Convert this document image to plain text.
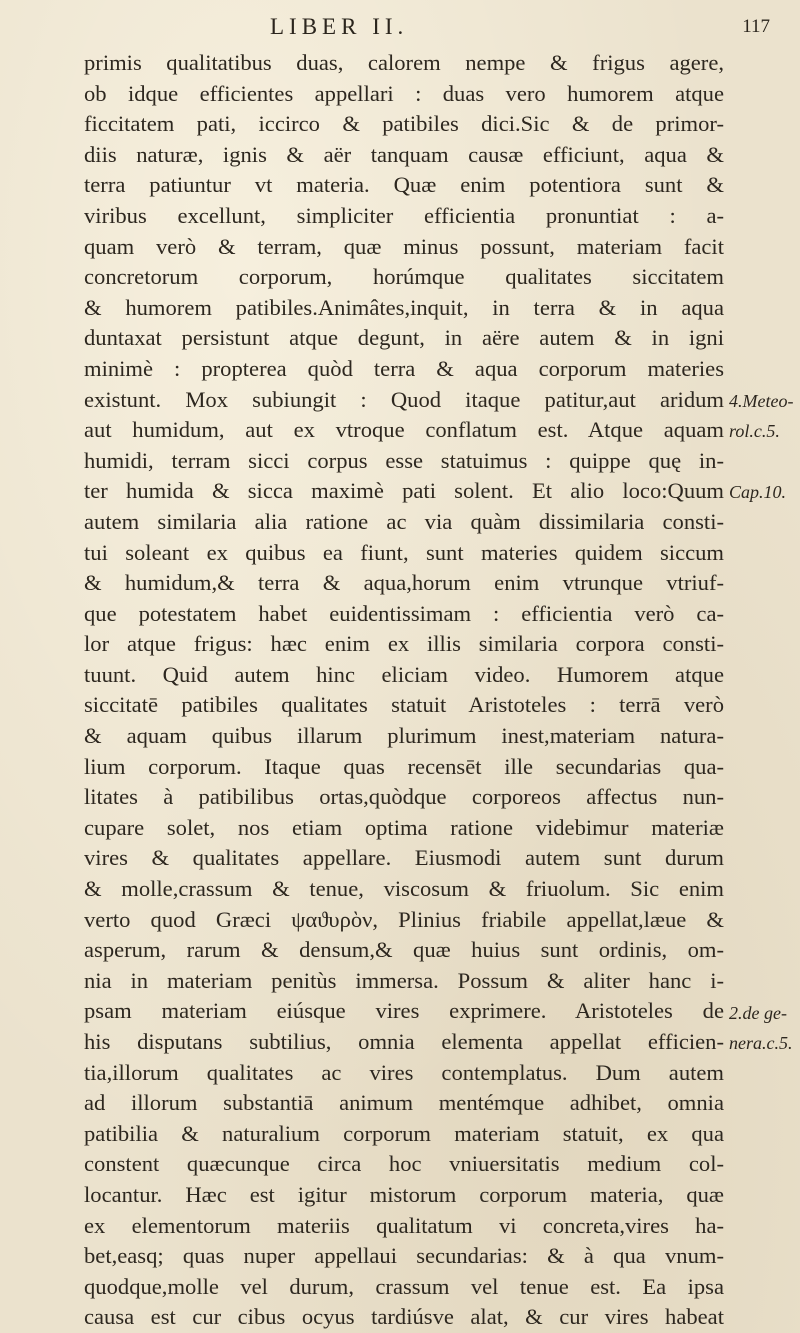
LIBER II.	117
primis qualitatibus duas, calorem nempe & frigus agere,
ob idque efficientes appellari : duas vero humorem atque
ficcitatem pati, iccirco & patibiles dici.Sic & de primor-
diis naturæ, ignis & aër tanquam causæ efficiunt, aqua &
terra patiuntur vt materia. Quæ enim potentiora sunt &
viribus excellunt, simpliciter efficientia pronuntiat : a-
quam verò & terram, quæ minus possunt, materiam facit
concretorum corporum, horúmque qualitates siccitatem
& humorem patibiles.Animâtes,inquit, in terra & in aqua
duntaxat persistunt atque degunt, in aëre autem & in igni
minimè : propterea quòd terra & aqua corporum materies
existunt. Mox subiungit : Quod itaque patitur,aut aridum
aut humidum, aut ex vtroque conflatum est. Atque aquam
humidi, terram sicci corpus esse statuimus : quippe quę in-
ter humida & sicca maximè pati solent. Et alio loco:Quum
autem similaria alia ratione ac via quàm dissimilaria consti-
tui soleant ex quibus ea fiunt, sunt materies quidem siccum
& humidum,& terra & aqua,horum enim vtrunque vtriuf-
que potestatem habet euidentissimam : efficientia verò ca-
lor atque frigus: hæc enim ex illis similaria corpora consti-
tuunt. Quid autem hinc eliciam video. Humorem atque
siccitatē patibiles qualitates statuit Aristoteles : terrā verò
& aquam quibus illarum plurimum inest,materiam natura-
lium corporum. Itaque quas recensēt ille secundarias qua-
litates à patibilibus ortas,quòdque corporeos affectus nun-
cupare solet, nos etiam optima ratione videbimur materiæ
vires & qualitates appellare. Eiusmodi autem sunt durum
& molle,crassum & tenue, viscosum & friuolum. Sic enim
verto quod Græci ψαϑυρὸν, Plinius friabile appellat,læue &
asperum, rarum & densum,& quæ huius sunt ordinis, om-
nia in materiam penitùs immersa. Possum & aliter hanc i-
psam materiam eiúsque vires exprimere. Aristoteles de
his disputans subtilius, omnia elementa appellat efficien-
tia,illorum qualitates ac vires contemplatus. Dum autem
ad illorum substantiā animum mentémque adhibet, omnia
patibilia & naturalium corporum materiam statuit, ex qua
constent quæcunque circa hoc vniuersitatis medium col-
locantur. Hæc est igitur mistorum corporum materia, quæ
ex elementorum materiis qualitatum vi concreta,vires ha-
bet,easq; quas nuper appellaui secundarias: & à qua vnum-
quodque,molle vel durum, crassum vel tenue est. Ea ipsa
causa est cur cibus ocyus tardiúsve alat, & cur vires habeat
4.Meteo-
rol.c.5.
Cap.10.
2.de ge-
nera.c.5.
